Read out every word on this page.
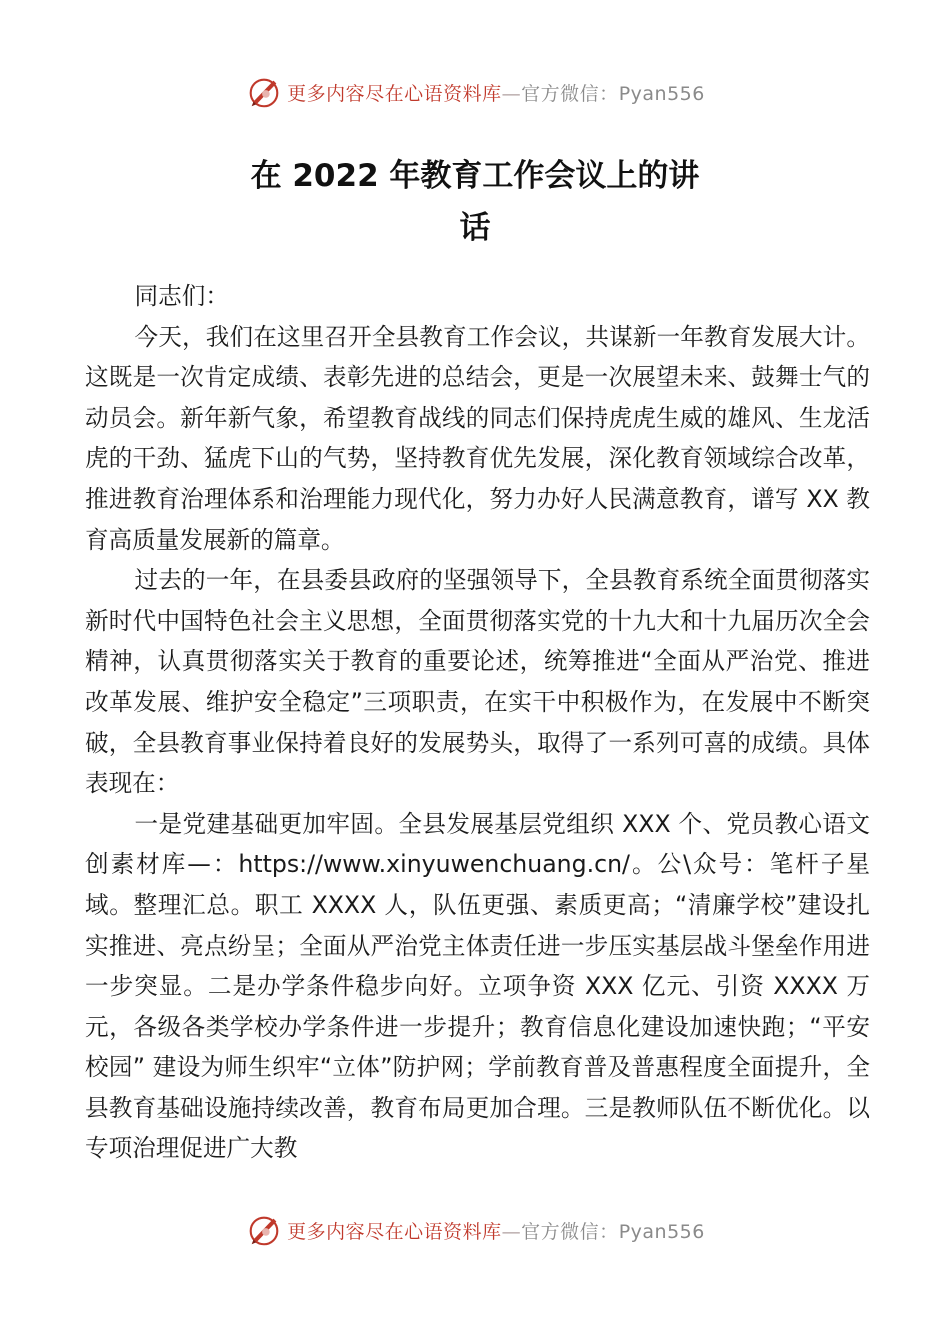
更多内容尽在心语资料库—官方微信：Pyan556
在 2022 年教育工作会议上的讲
话

同志们：

今天，我们在这里召开全县教育工作会议，共谋新一年教育发展大计。这既是一次肯定成绩、表彰先进的总结会，更是一次展望未来、鼓舞士气的动员会。新年新气象，希望教育战线的同志们保持虎虎生威的雄风、生龙活虎的干劲、猛虎下山的气势，坚持教育优先发展，深化教育领域综合改革，推进教育治理体系和治理能力现代化，努力办好人民满意教育，谱写 XX 教育高质量发展新的篇章。

过去的一年，在县委县政府的坚强领导下，全县教育系统全面贯彻落实新时代中国特色社会主义思想，全面贯彻落实党的十九大和十九届历次全会精神，认真贯彻落实关于教育的重要论述，统筹推进“全面从严治党、推进改革发展、维护安全稳定”三项职责，在实干中积极作为，在发展中不断突破，全县教育事业保持着良好的发展势头，取得了一系列可喜的成绩。具体表现在：

一是党建基础更加牢固。全县发展基层党组织 XXX 个、党员教心语文创素材库—：https://www.xinyuwenchuang.cn/。公\众号：笔杆子星域。整理汇总。职工 XXXX 人，队伍更强、素质更高；“清廉学校”建设扎实推进、亮点纷呈；全面从严治党主体责任进一步压实基层战斗堡垒作用进一步突显。二是办学条件稳步向好。立项争资 XXX 亿元、引资 XXXX 万元，各级各类学校办学条件进一步提升；教育信息化建设加速快跑；“平安校园” 建设为师生织牢“立体”防护网；学前教育普及普惠程度全面提升，全县教育基础设施持续改善，教育布局更加合理。三是教师队伍不断优化。以专项治理促进广大教

更多内容尽在心语资料库—官方微信：Pyan556
